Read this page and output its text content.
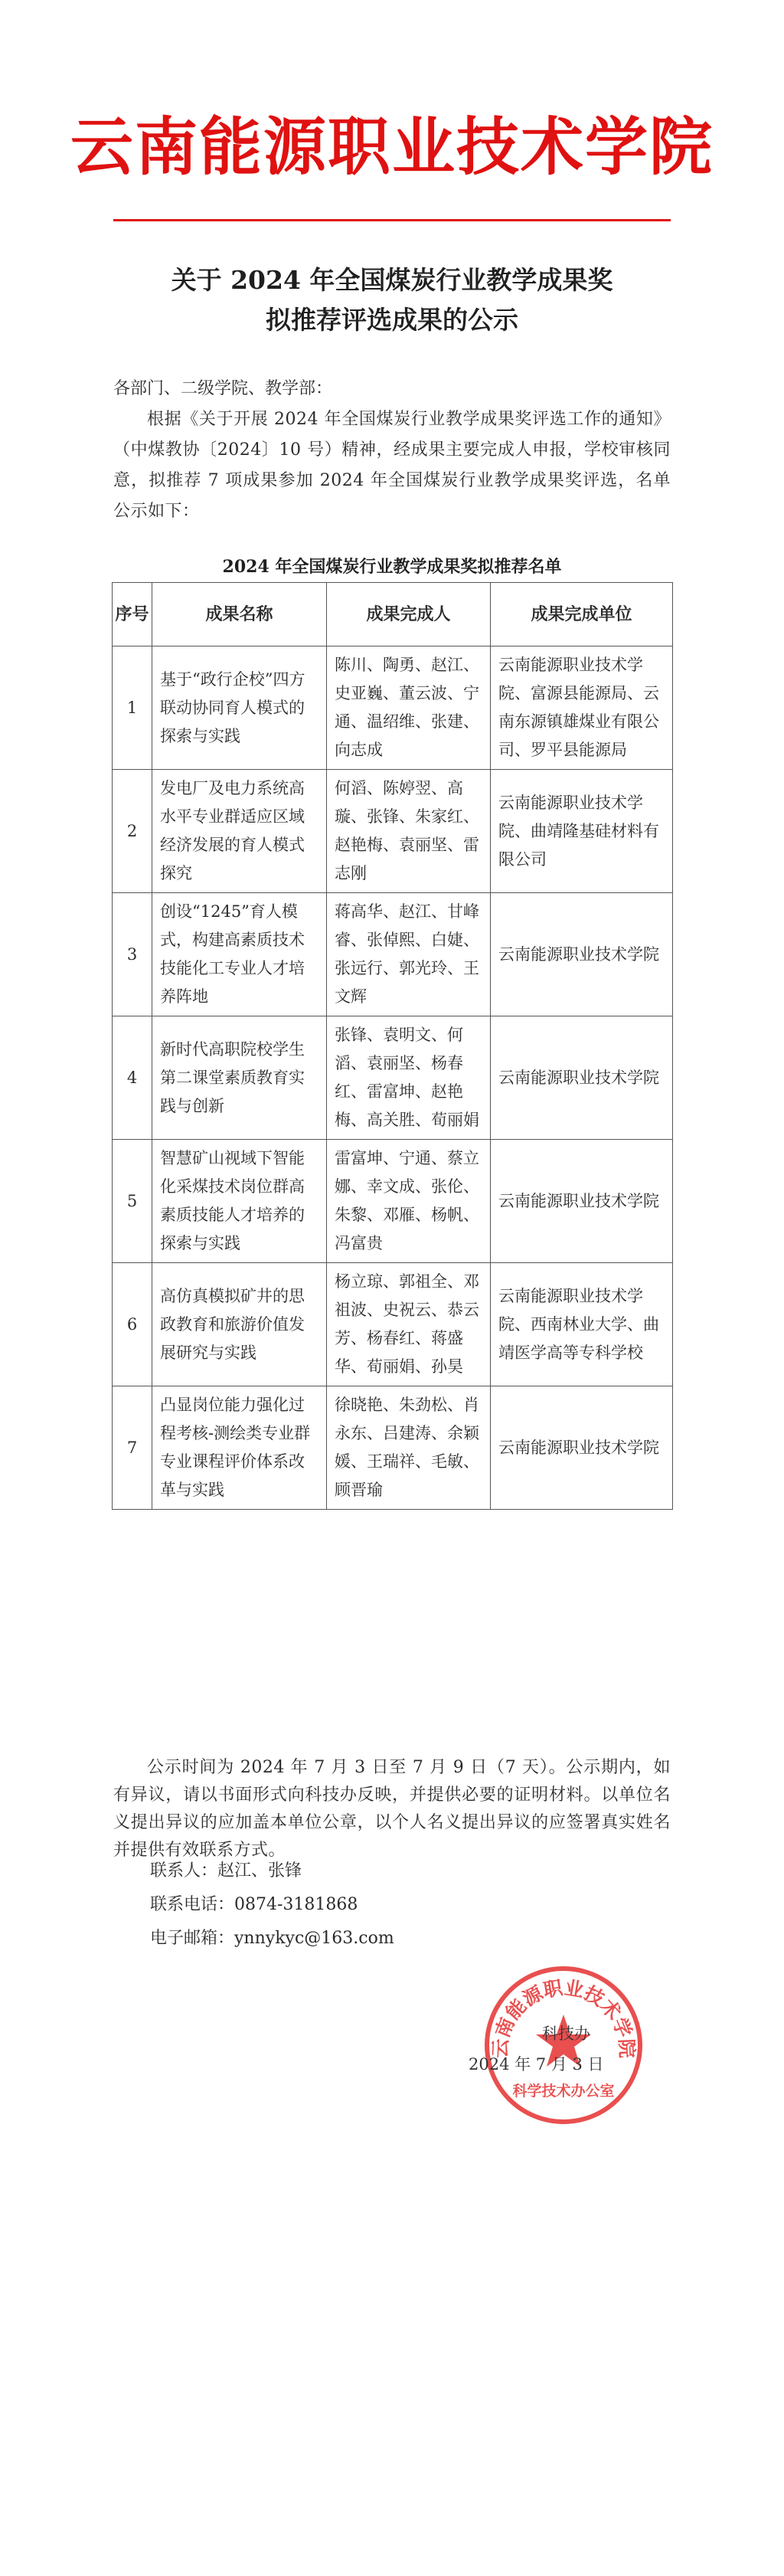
云南能源职业技术学院
关于 2024 年全国煤炭行业教学成果奖
拟推荐评选成果的公示
各部门、二级学院、教学部：
根据《关于开展 2024 年全国煤炭行业教学成果奖评选工作的通知》（中煤教协〔2024〕10 号）精神，经成果主要完成人申报，学校审核同意，拟推荐 7 项成果参加 2024 年全国煤炭行业教学成果奖评选，名单公示如下：
2024 年全国煤炭行业教学成果奖拟推荐名单
序号	成果名称	成果完成人	成果完成单位
1	基于“政行企校”四方联动协同育人模式的探索与实践	陈川、陶勇、赵江、史亚巍、董云波、宁通、温绍维、张建、向志成	云南能源职业技术学院、富源县能源局、云南东源镇雄煤业有限公司、罗平县能源局
2	发电厂及电力系统高水平专业群适应区域经济发展的育人模式探究	何滔、陈婷翌、高璇、张锋、朱家红、赵艳梅、袁丽坚、雷志刚	云南能源职业技术学院、曲靖隆基硅材料有限公司
3	创设“1245”育人模式，构建高素质技术技能化工专业人才培养阵地	蒋高华、赵江、甘峰睿、张倬熙、白婕、张远行、郭光玲、王文辉	云南能源职业技术学院
4	新时代高职院校学生第二课堂素质教育实践与创新	张锋、袁明文、何滔、袁丽坚、杨春红、雷富坤、赵艳梅、高关胜、荀丽娟	云南能源职业技术学院
5	智慧矿山视域下智能化采煤技术岗位群高素质技能人才培养的探索与实践	雷富坤、宁通、蔡立娜、幸文成、张伦、朱黎、邓雁、杨帆、冯富贵	云南能源职业技术学院
6	高仿真模拟矿井的思政教育和旅游价值发展研究与实践	杨立琼、郭祖全、邓祖波、史祝云、恭云芳、杨春红、蒋盛华、荀丽娟、孙昊	云南能源职业技术学院、西南林业大学、曲靖医学高等专科学校
7	凸显岗位能力强化过程考核-测绘类专业群专业课程评价体系改革与实践	徐晓艳、朱劲松、肖永东、吕建涛、余颖媛、王瑞祥、毛敏、顾晋瑜	云南能源职业技术学院
公示时间为 2024 年 7 月 3 日至 7 月 9 日（7 天）。公示期内，如有异议，请以书面形式向科技办反映，并提供必要的证明材料。以单位名义提出异议的应加盖本单位公章，以个人名义提出异议的应签署真实姓名并提供有效联系方式。
联系人：赵江、张锋
联系电话：0874-3181868
电子邮箱：ynnykyc@163.com
云南能源职业技术学院
科学技术办公室
科技办
2024 年 7 月 3 日
